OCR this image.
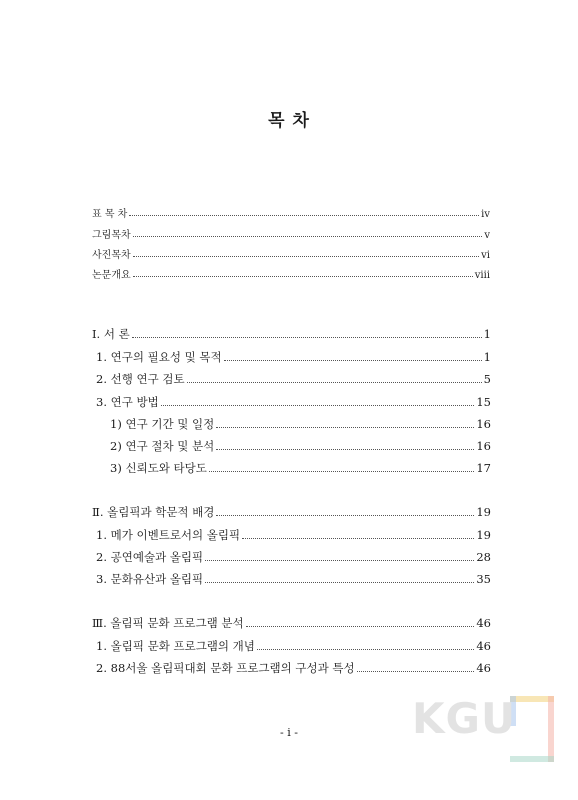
목 차
표 목 차	ⅳ
그림목차	ⅴ
사진목차	ⅵ
논문개요	ⅷ
Ⅰ. 서 론	1
1. 연구의 필요성 및 목적	1
2. 선행 연구 검토	5
3. 연구 방법	15
1) 연구 기간 및 일정	16
2) 연구 절차 및 분석	16
3) 신뢰도와 타당도	17
Ⅱ. 올림픽과 학문적 배경	19
1. 메가 이벤트로서의 올림픽	19
2. 공연예술과 올림픽	28
3. 문화유산과 올림픽	35
Ⅲ. 올림픽 문화 프로그램 분석	46
1. 올림픽 문화 프로그램의 개념	46
2. 88서울 올림픽대회 문화 프로그램의 구성과 특성	46
KGU
- i -
